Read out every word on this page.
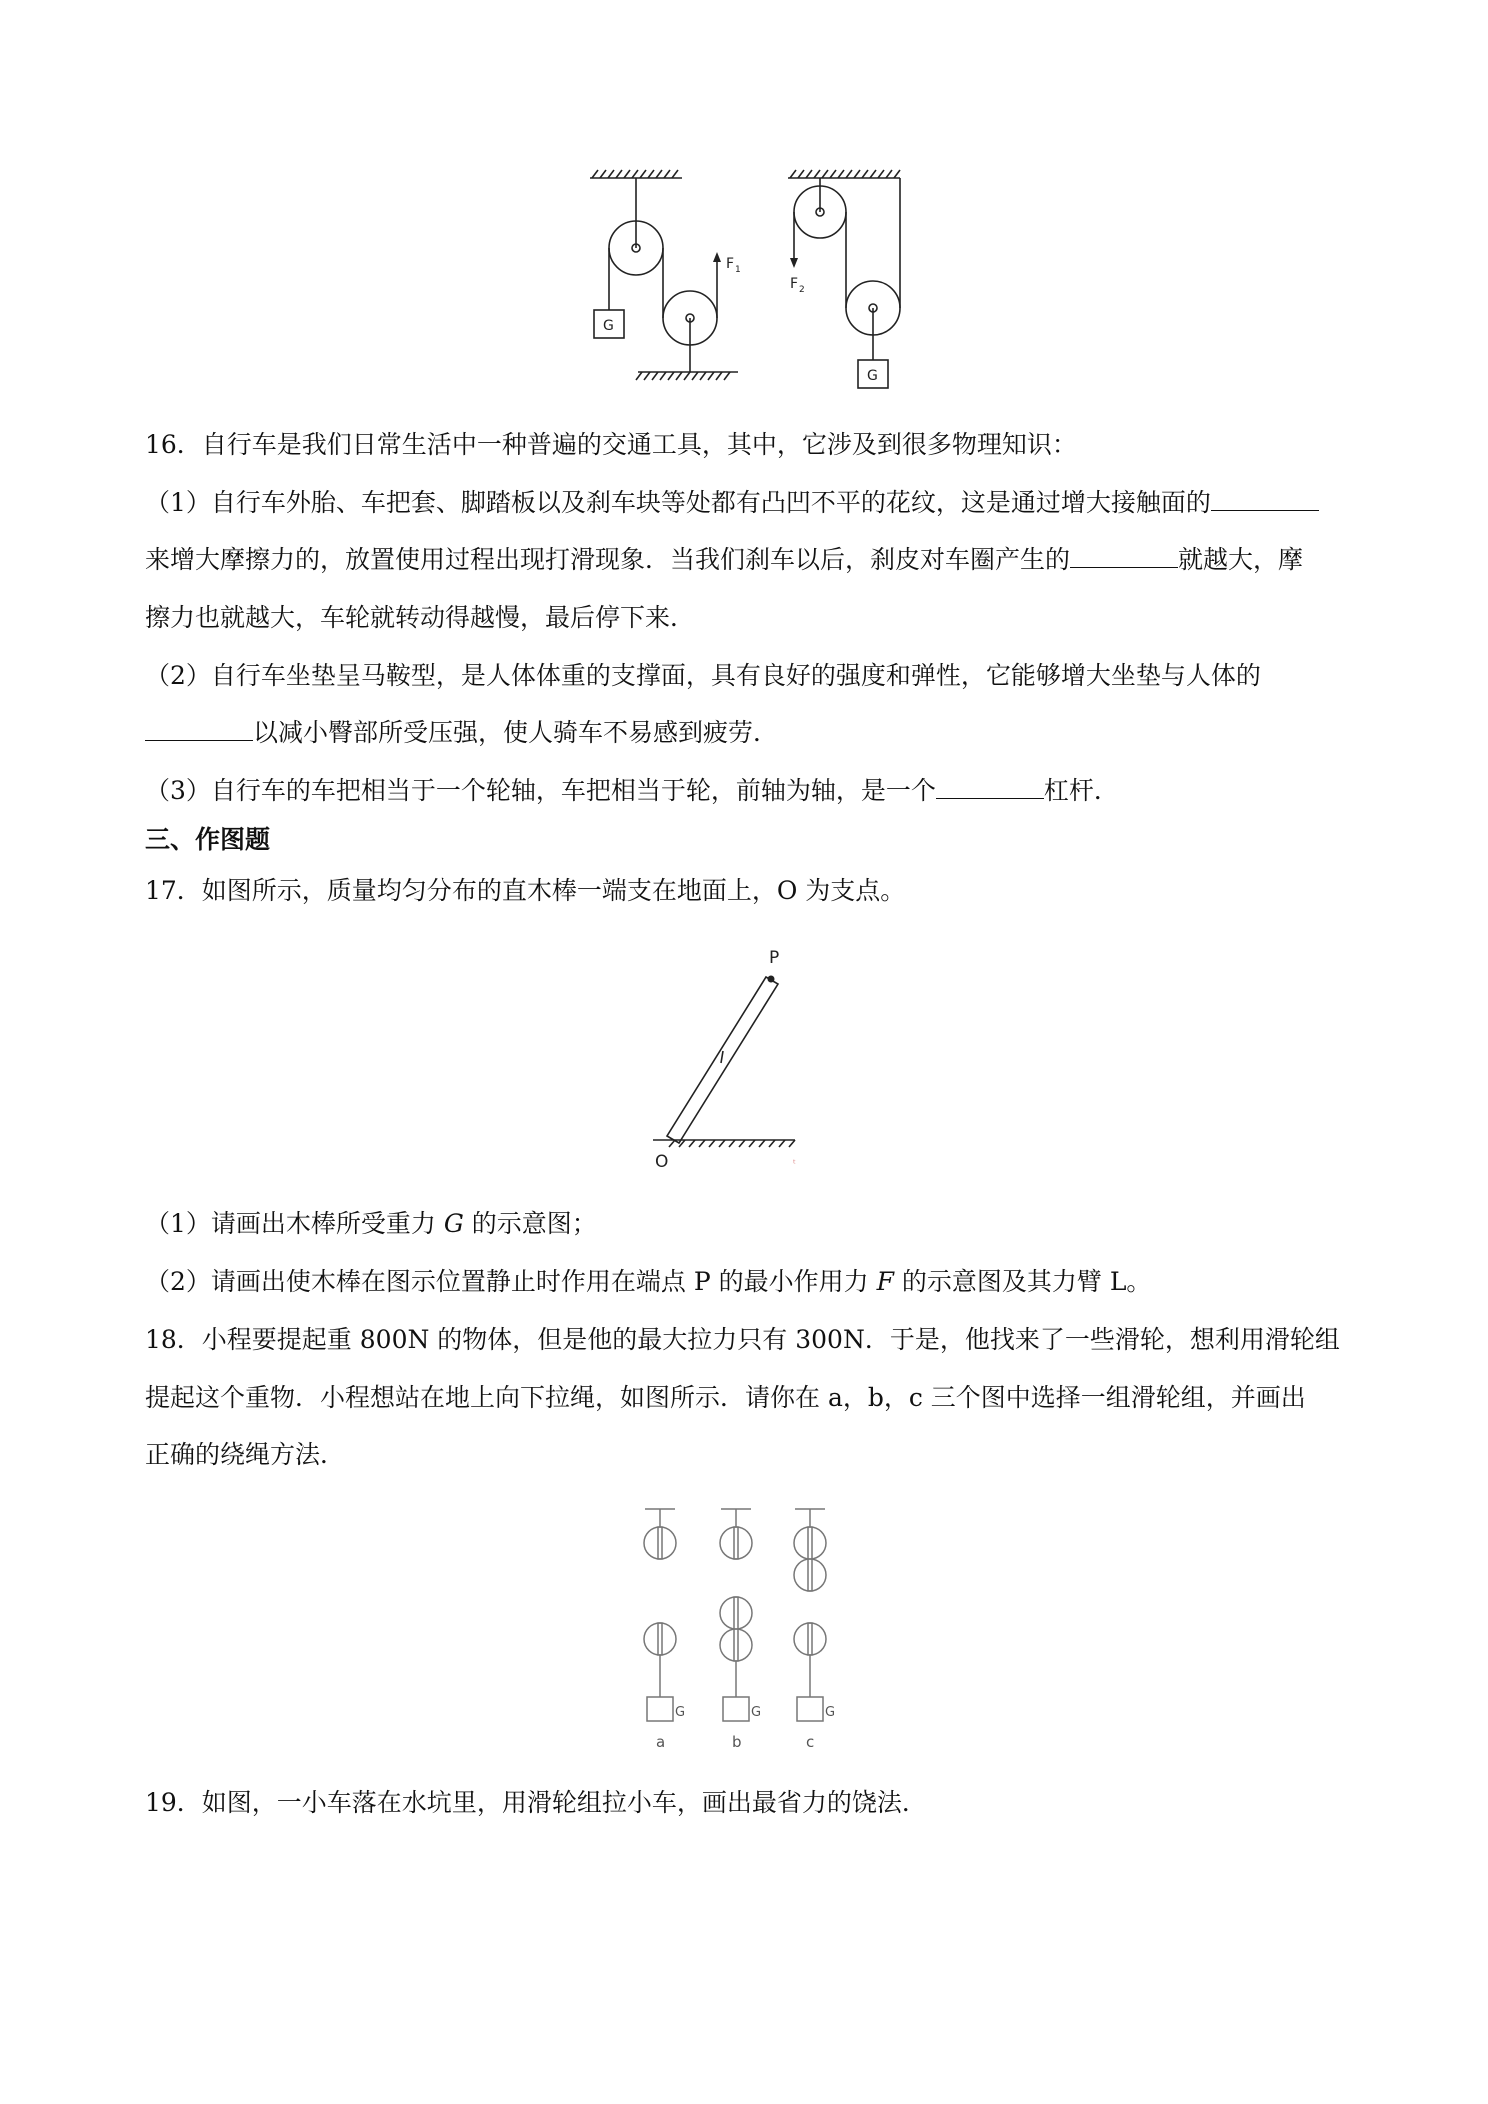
F 1
F 2
G
G
16．自行车是我们日常生活中一种普遍的交通工具，其中，它涉及到很多物理知识：
（1）自行车外胎、车把套、脚踏板以及刹车块等处都有凸凹不平的花纹，这是通过增大接触面的
来增大摩擦力的，放置使用过程出现打滑现象．当我们刹车以后，刹皮对车圈产生的	就越大，摩
擦力也就越大，车轮就转动得越慢，最后停下来．
（2）自行车坐垫呈马鞍型，是人体体重的支撑面，具有良好的强度和弹性，它能够增大坐垫与人体的
以减小臀部所受压强，使人骑车不易感到疲劳．
（3）自行车的车把相当于一个轮轴，车把相当于轮，前轴为轴，是一个	杠杆．
三、作图题
17．如图所示，质量均匀分布的直木棒一端支在地面上，O 为支点。
P
O	ᵗ
（1）请画出木棒所受重力 G 的示意图；
（2）请画出使木棒在图示位置静止时作用在端点 P 的最小作用力 F 的示意图及其力臂 L。
18．小程要提起重 800N 的物体，但是他的最大拉力只有 300N．于是，他找来了一些滑轮，想利用滑轮组
提起这个重物．小程想站在地上向下拉绳，如图所示．请你在 a，b，c 三个图中选择一组滑轮组，并画出
正确的绕绳方法．
G	G	G
a	b	c
19．如图，一小车落在水坑里，用滑轮组拉小车，画出最省力的饶法．
